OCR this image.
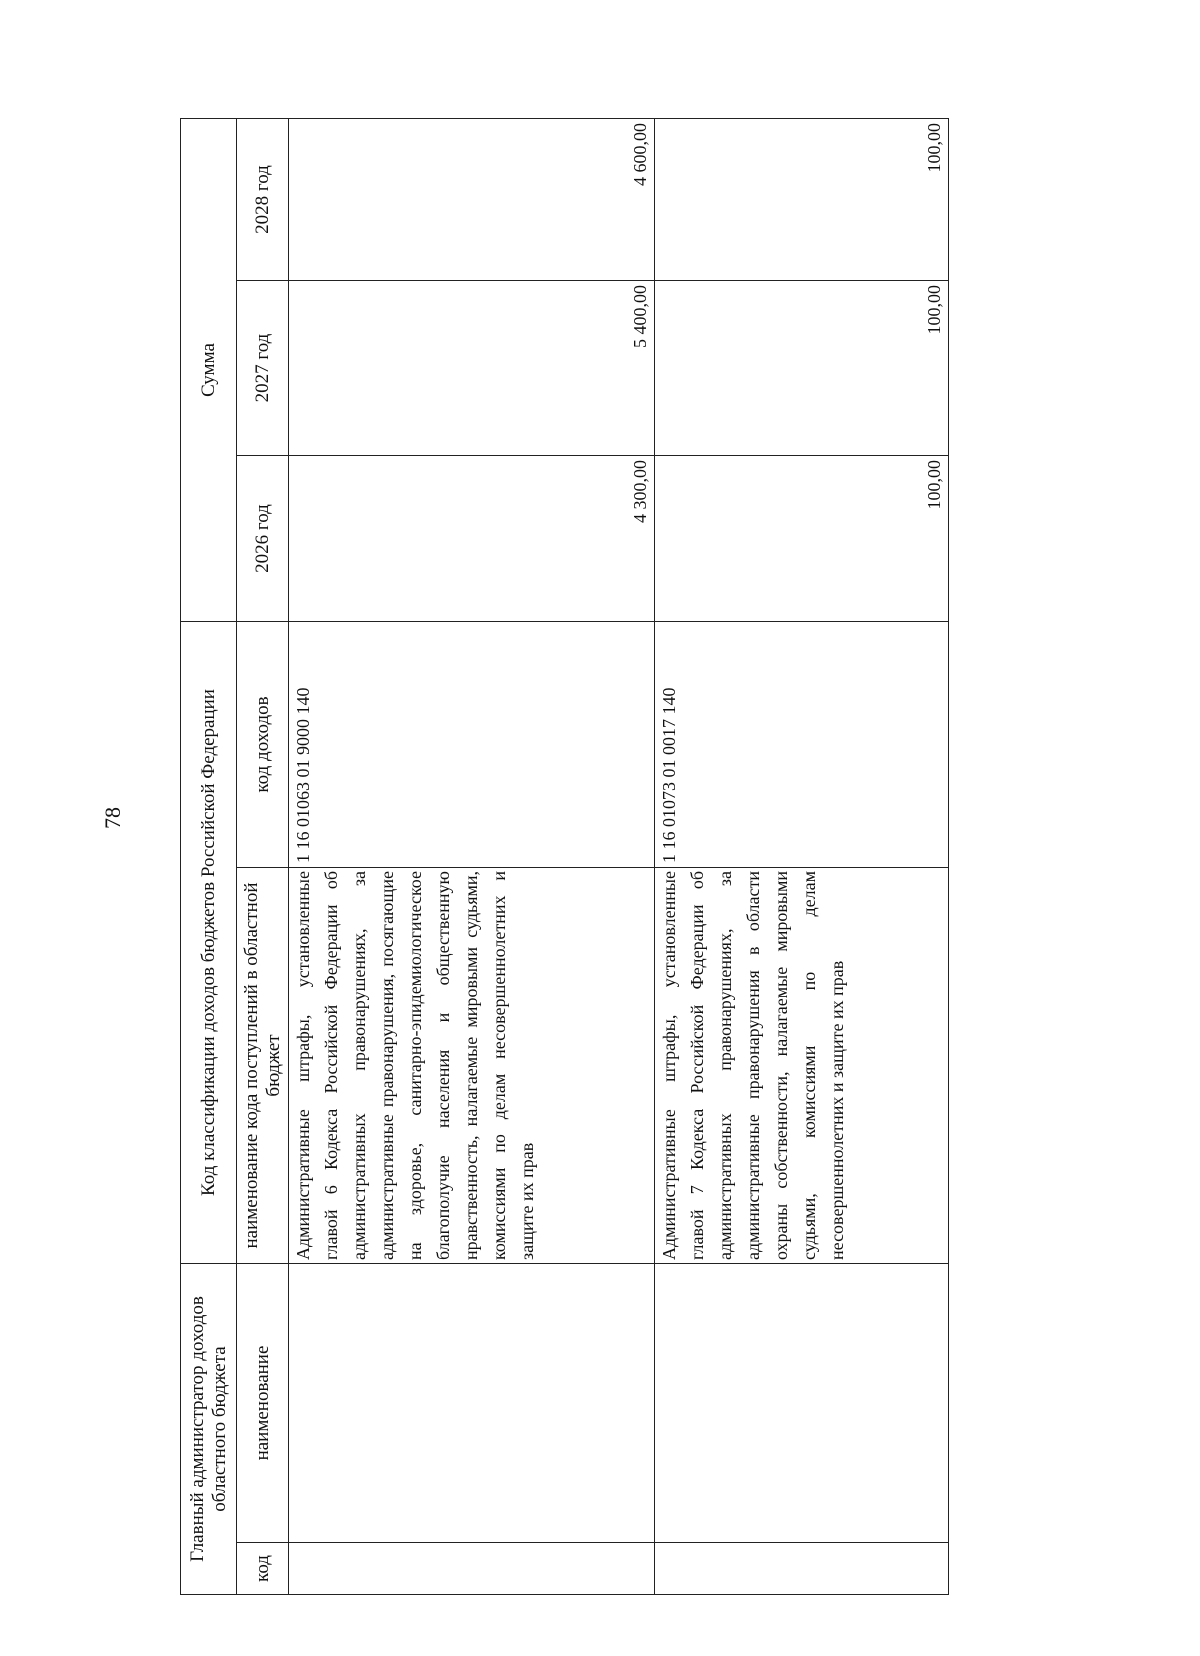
78
Главный администратор доходов областного бюджета		Код классификации доходов бюджетов Российской Федерации		Сумма		
код	наименование	наименование кода поступлений в областной бюджет	код доходов	2026 год	2027 год	2028 год
		Административные штрафы, установленные главой 6 Кодекса Российской Федерации об административных правонарушениях, за административные правонарушения, посягающие на здоровье, санитарно-эпидемиологическое благополучие населения и общественную нравственность, налагаемые мировыми судьями, комиссиями по делам несовершеннолетних и защите их прав	1 16 01063 01 9000 140	4 300,00	5 400,00	4 600,00
		Административные штрафы, установленные главой 7 Кодекса Российской Федерации об административных правонарушениях, за административные правонарушения в области охраны собственности, налагаемые мировыми судьями, комиссиями по делам несовершеннолетних и защите их прав	1 16 01073 01 0017 140	100,00	100,00	100,00
